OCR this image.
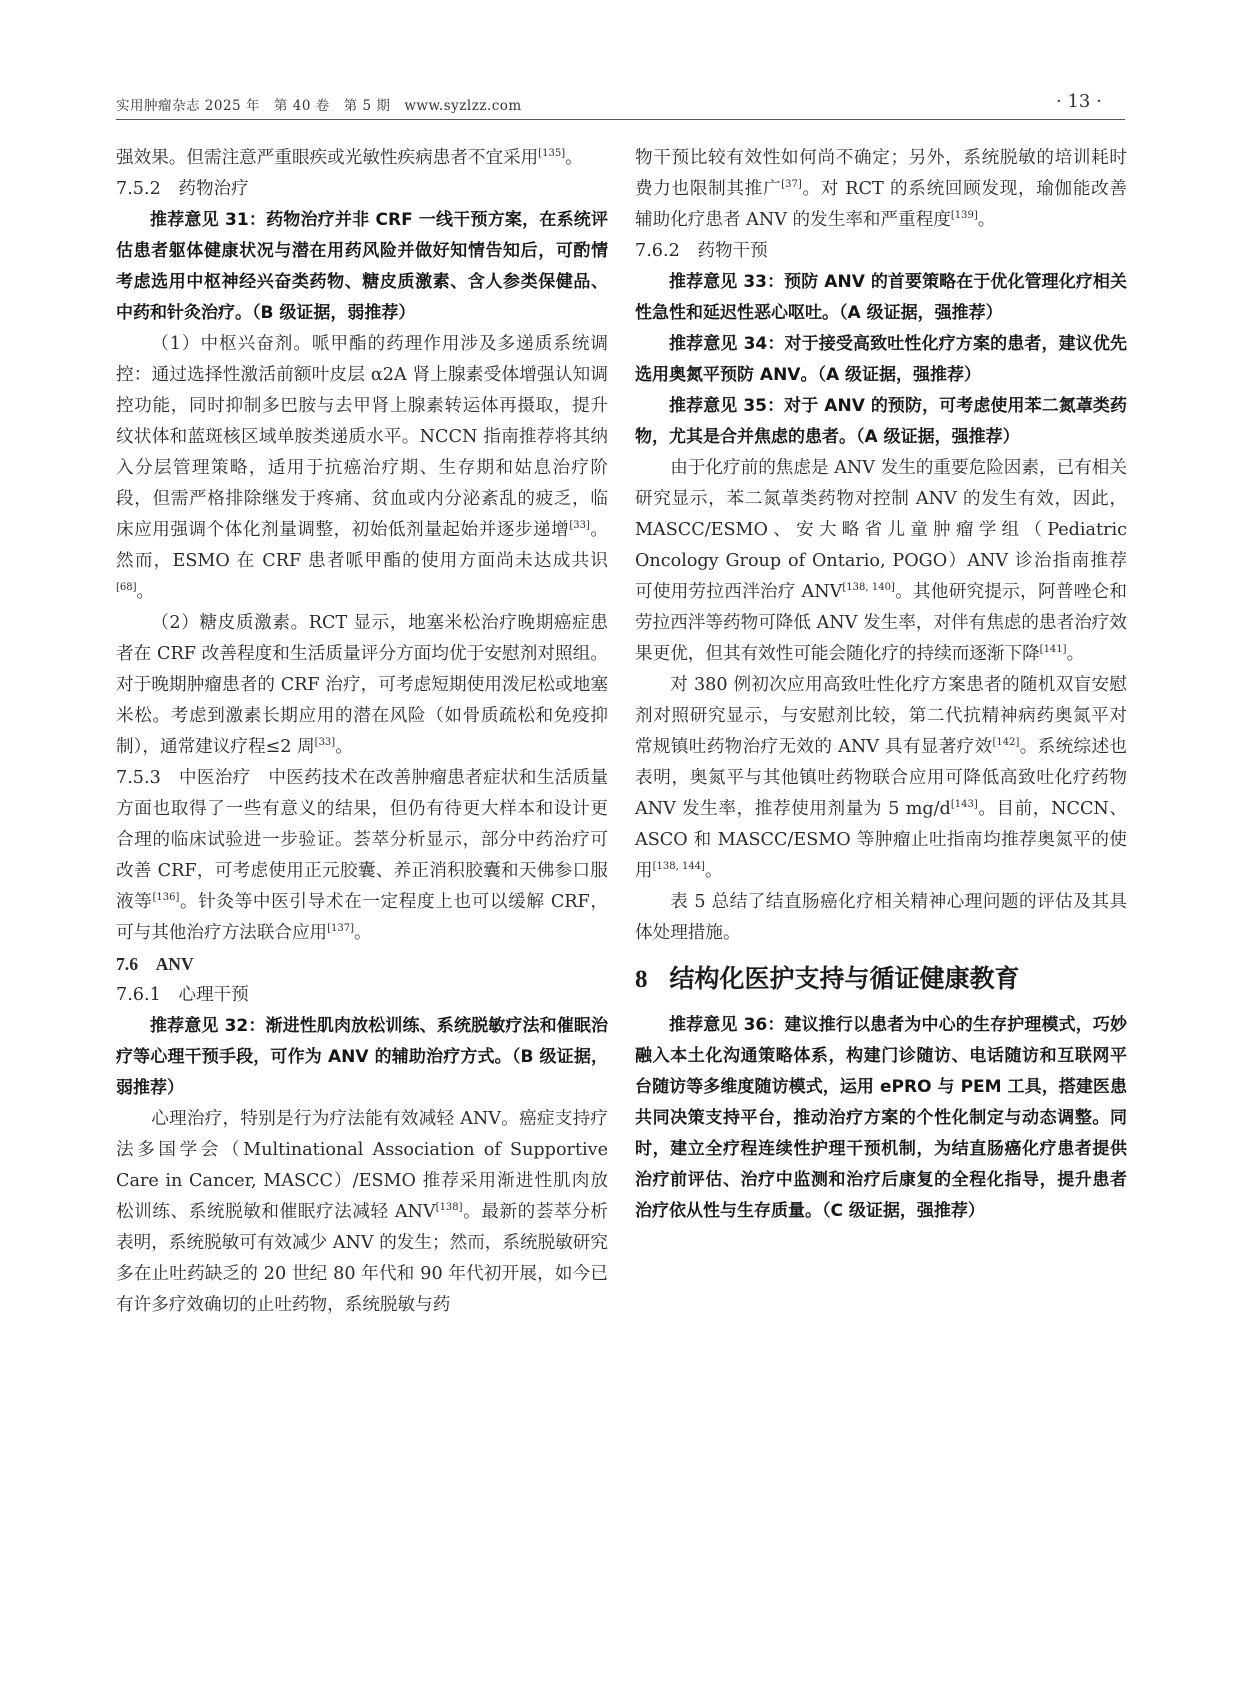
实用肿瘤杂志 2025 年　第 40 卷　第 5 期　www.syzlzz.com	· 13 ·

强效果。但需注意严重眼疾或光敏性疾病患者不宜采用[135]。

7.5.2　药物治疗

推荐意见 31：药物治疗并非 CRF 一线干预方案，在系统评估患者躯体健康状况与潜在用药风险并做好知情告知后，可酌情考虑选用中枢神经兴奋类药物、糖皮质激素、含人参类保健品、中药和针灸治疗。（B 级证据，弱推荐）

（1）中枢兴奋剂。哌甲酯的药理作用涉及多递质系统调控：通过选择性激活前额叶皮层 α2A 肾上腺素受体增强认知调控功能，同时抑制多巴胺与去甲肾上腺素转运体再摄取，提升纹状体和蓝斑核区域单胺类递质水平。NCCN 指南推荐将其纳入分层管理策略，适用于抗癌治疗期、生存期和姑息治疗阶段，但需严格排除继发于疼痛、贫血或内分泌紊乱的疲乏，临床应用强调个体化剂量调整，初始低剂量起始并逐步递增[33]。然而，ESMO 在 CRF 患者哌甲酯的使用方面尚未达成共识[68]。

（2）糖皮质激素。RCT 显示，地塞米松治疗晚期癌症患者在 CRF 改善程度和生活质量评分方面均优于安慰剂对照组。对于晚期肿瘤患者的 CRF 治疗，可考虑短期使用泼尼松或地塞米松。考虑到激素长期应用的潜在风险（如骨质疏松和免疫抑制），通常建议疗程≤2 周[33]。

7.5.3　中医治疗　中医药技术在改善肿瘤患者症状和生活质量方面也取得了一些有意义的结果，但仍有待更大样本和设计更合理的临床试验进一步验证。荟萃分析显示，部分中药治疗可改善 CRF，可考虑使用正元胶囊、养正消积胶囊和天佛参口服液等[136]。针灸等中医引导术在一定程度上也可以缓解 CRF，可与其他治疗方法联合应用[137]。

7.6　ANV

7.6.1　心理干预

推荐意见 32：渐进性肌肉放松训练、系统脱敏疗法和催眠治疗等心理干预手段，可作为 ANV 的辅助治疗方式。（B 级证据，弱推荐）

心理治疗，特别是行为疗法能有效减轻 ANV。癌症支持疗法多国学会（Multinational Association of Supportive Care in Cancer, MASCC）/ESMO 推荐采用渐进性肌肉放松训练、系统脱敏和催眠疗法减轻 ANV[138]。最新的荟萃分析表明，系统脱敏可有效减少 ANV 的发生；然而，系统脱敏研究多在止吐药缺乏的 20 世纪 80 年代和 90 年代初开展，如今已有许多疗效确切的止吐药物，系统脱敏与药

物干预比较有效性如何尚不确定；另外，系统脱敏的培训耗时费力也限制其推广[37]。对 RCT 的系统回顾发现，瑜伽能改善辅助化疗患者 ANV 的发生率和严重程度[139]。

7.6.2　药物干预

推荐意见 33：预防 ANV 的首要策略在于优化管理化疗相关性急性和延迟性恶心呕吐。（A 级证据，强推荐）

推荐意见 34：对于接受高致吐性化疗方案的患者，建议优先选用奥氮平预防 ANV。（A 级证据，强推荐）

推荐意见 35：对于 ANV 的预防，可考虑使用苯二氮䓬类药物，尤其是合并焦虑的患者。（A 级证据，强推荐）

由于化疗前的焦虑是 ANV 发生的重要危险因素，已有相关研究显示，苯二氮䓬类药物对控制 ANV 的发生有效，因此，MASCC/ESMO、安大略省儿童肿瘤学组（Pediatric Oncology Group of Ontario, POGO）ANV 诊治指南推荐可使用劳拉西泮治疗 ANV[138, 140]。其他研究提示，阿普唑仑和劳拉西泮等药物可降低 ANV 发生率，对伴有焦虑的患者治疗效果更优，但其有效性可能会随化疗的持续而逐渐下降[141]。

对 380 例初次应用高致吐性化疗方案患者的随机双盲安慰剂对照研究显示，与安慰剂比较，第二代抗精神病药奥氮平对常规镇吐药物治疗无效的 ANV 具有显著疗效[142]。系统综述也表明，奥氮平与其他镇吐药物联合应用可降低高致吐化疗药物 ANV 发生率，推荐使用剂量为 5 mg/d[143]。目前，NCCN、ASCO 和 MASCC/ESMO 等肿瘤止吐指南均推荐奥氮平的使用[138, 144]。

表 5 总结了结直肠癌化疗相关精神心理问题的评估及其具体处理措施。

8 结构化医护支持与循证健康教育

推荐意见 36：建议推行以患者为中心的生存护理模式，巧妙融入本土化沟通策略体系，构建门诊随访、电话随访和互联网平台随访等多维度随访模式，运用 ePRO 与 PEM 工具，搭建医患共同决策支持平台，推动治疗方案的个性化制定与动态调整。同时，建立全疗程连续性护理干预机制，为结直肠癌化疗患者提供治疗前评估、治疗中监测和治疗后康复的全程化指导，提升患者治疗依从性与生存质量。（C 级证据，强推荐）
